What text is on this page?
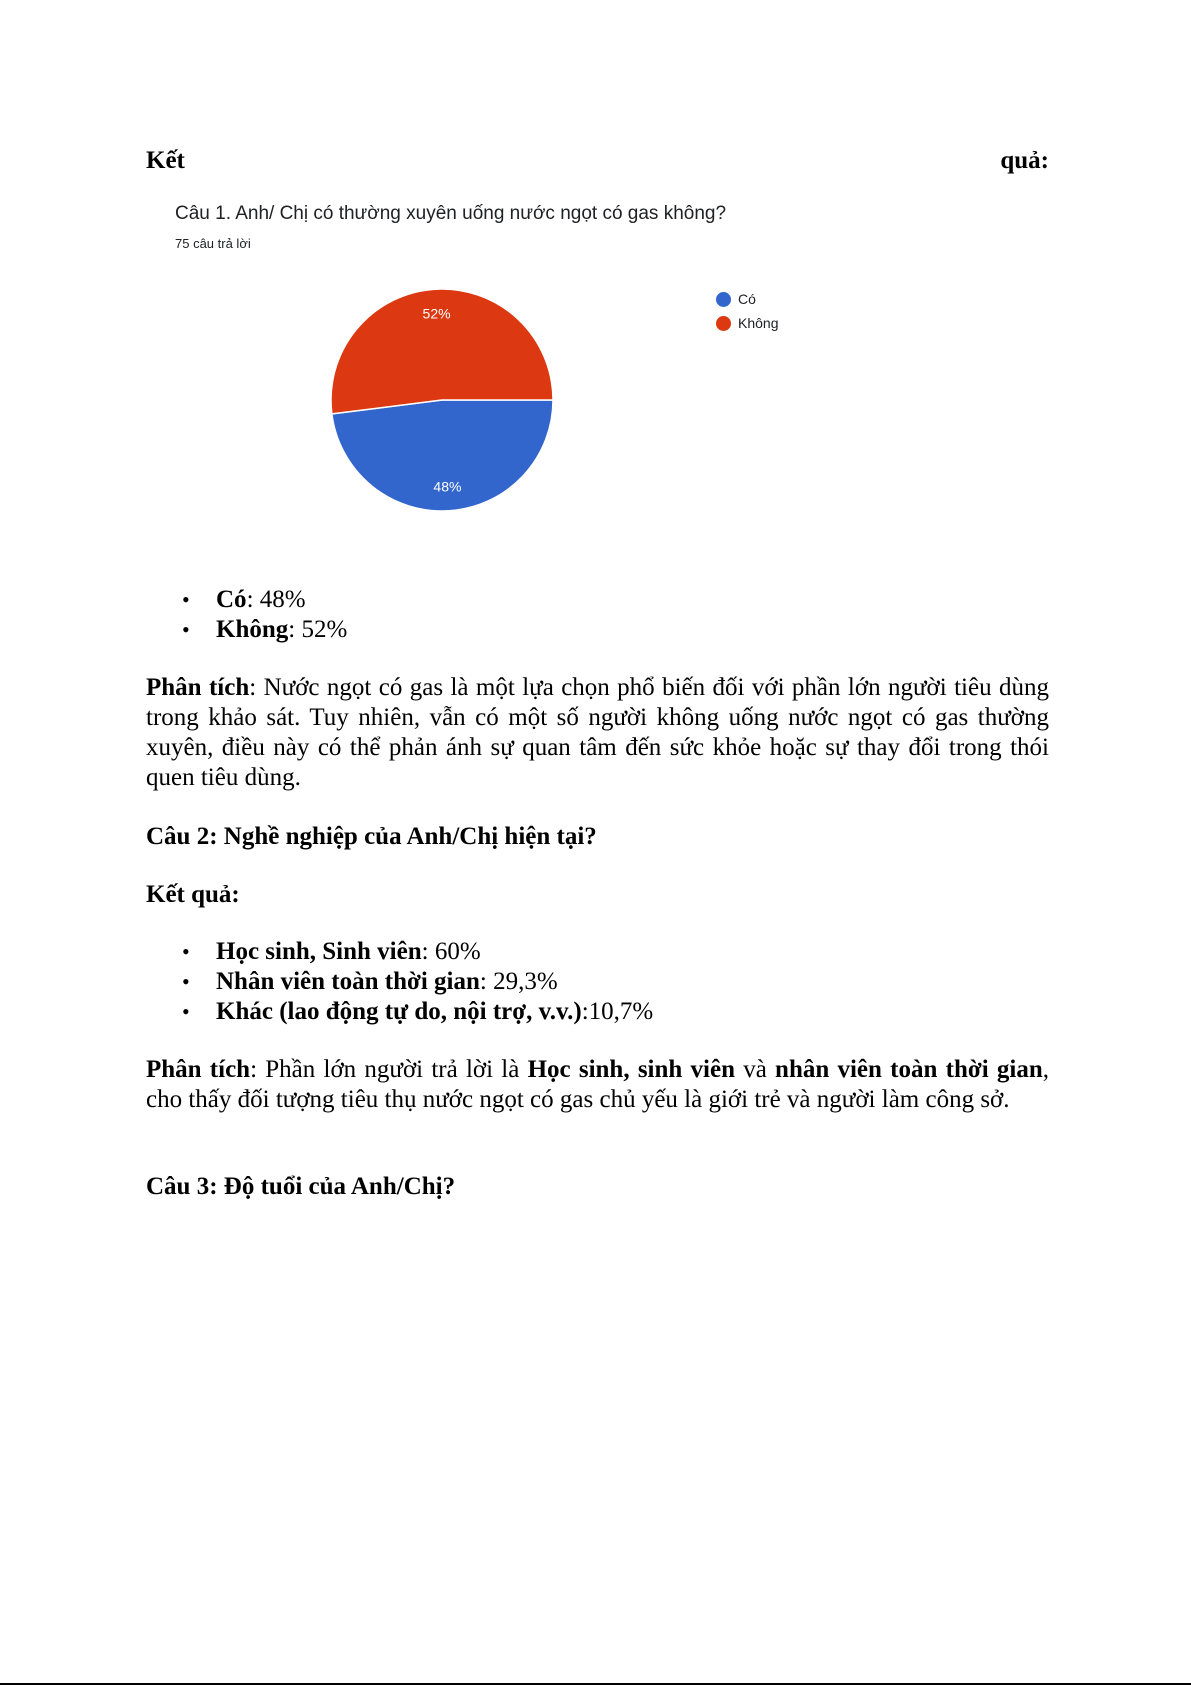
Kết	quả:
Câu 1. Anh/ Chị có thường xuyên uống nước ngọt có gas không?
75 câu trả lời
48%
52%
Có
Không
• Có: 48%
• Không: 52%

Phân tích: Nước ngọt có gas là một lựa chọn phổ biến đối với phần lớn người tiêu dùng trong khảo sát. Tuy nhiên, vẫn có một số người không uống nước ngọt có gas thường xuyên, điều này có thể phản ánh sự quan tâm đến sức khỏe hoặc sự thay đổi trong thói quen tiêu dùng.

Câu 2: Nghề nghiệp của Anh/Chị hiện tại?

Kết quả:

• Học sinh, Sinh viên: 60%
• Nhân viên toàn thời gian: 29,3%
• Khác (lao động tự do, nội trợ, v.v.):10,7%

Phân tích: Phần lớn người trả lời là Học sinh, sinh viên và nhân viên toàn thời gian, cho thấy đối tượng tiêu thụ nước ngọt có gas chủ yếu là giới trẻ và người làm công sở.

Câu 3: Độ tuổi của Anh/Chị?
